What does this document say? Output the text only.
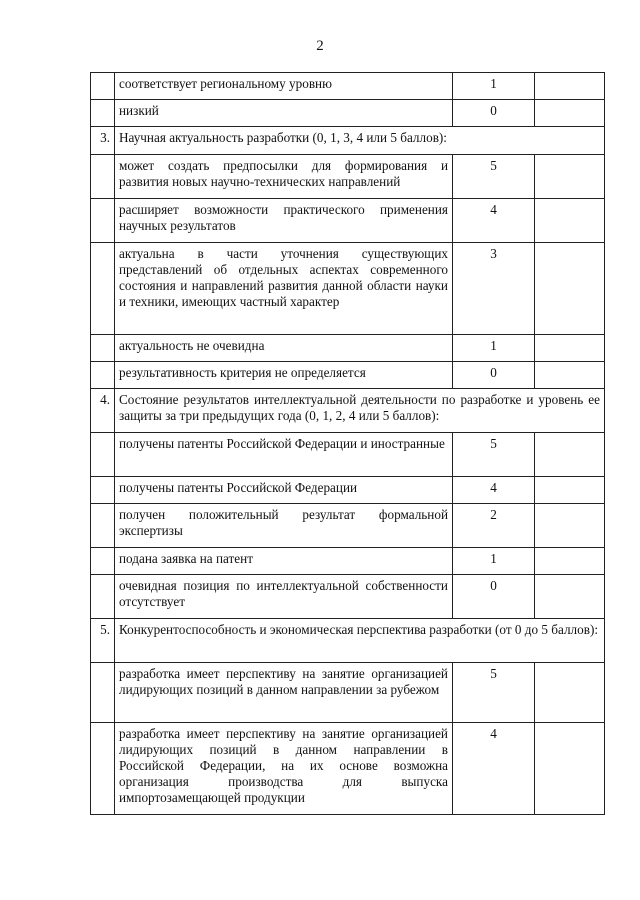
2
	соответствует региональному уровню	1	
	низкий	0	
3.	Научная актуальность разработки (0, 1, 3, 4 или 5 баллов):		
	может создать предпосылки для формирования и развития новых научно-технических направлений	5	
	расширяет возможности практического применения научных результатов	4	
	актуальна в части уточнения существующих представлений об отдельных аспектах современного состояния и направлений развития данной области науки и техники, имеющих частный характер	3	
	актуальность не очевидна	1	
	результативность критерия не определяется	0	
4.	Состояние результатов интеллектуальной деятельности по разработке и уровень ее защиты за три предыдущих года (0, 1, 2, 4 или 5 баллов):		
	получены патенты Российской Федерации и иностранные	5	
	получены патенты Российской Федерации	4	
	получен положительный результат формальной экспертизы	2	
	подана заявка на патент	1	
	очевидная позиция по интеллектуальной собственности отсутствует	0	
5.	Конкурентоспособность и экономическая перспектива разработки (от 0 до 5 баллов):		
	разработка имеет перспективу на занятие организацией лидирующих позиций в данном направлении за рубежом	5	
	разработка имеет перспективу на занятие организацией лидирующих позиций в данном направлении в Российской Федерации, на их основе возможна организация производства для выпуска импортозамещающей продукции	4	
